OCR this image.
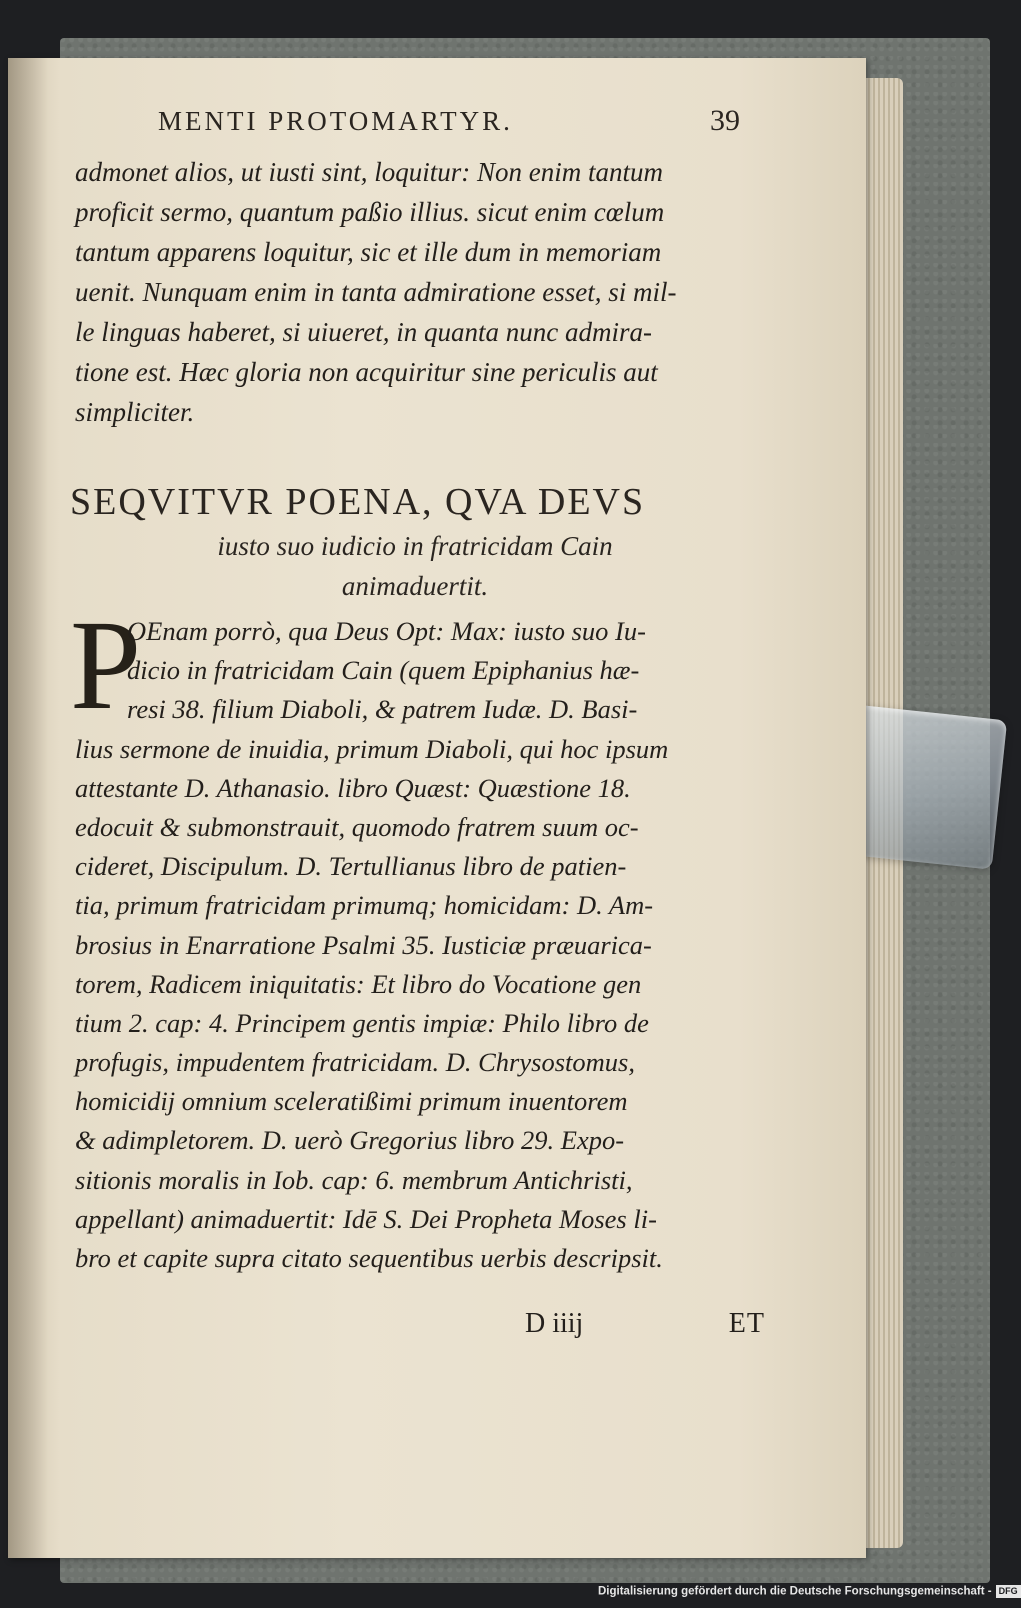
MENTI PROTOMARTYR.	39
admonet alios, ut iusti sint, loquitur: Non enim tantum
proficit sermo, quantum paßio illius. sicut enim cœlum
tantum apparens loquitur, sic et ille dum in memoriam
uenit. Nunquam enim in tanta admiratione esset, si mil-
le linguas haberet, si uiueret, in quanta nunc admira-
tione est. Hæc gloria non acquiritur sine periculis aut
simpliciter.
SEQVITVR POENA, QVA DEVS
iusto suo iudicio in fratricidam Cain
animaduertit.
P
OEnam porrò, qua Deus Opt: Max: iusto suo Iu-
dicio in fratricidam Cain (quem Epiphanius hæ-
resi 38. filium Diaboli, & patrem Iudæ. D. Basi-
lius sermone de inuidia, primum Diaboli, qui hoc ipsum
attestante D. Athanasio. libro Quæst: Quæstione 18.
edocuit & submonstrauit, quomodo fratrem suum oc-
cideret, Discipulum. D. Tertullianus libro de patien-
tia, primum fratricidam primumq; homicidam: D. Am-
brosius in Enarratione Psalmi 35. Iusticiæ præuarica-
torem, Radicem iniquitatis: Et libro do Vocatione gen
tium 2. cap: 4. Principem gentis impiæ: Philo libro de
profugis, impudentem fratricidam. D. Chrysostomus,
homicidij omnium sceleratißimi primum inuentorem
& adimpletorem. D. uerò Gregorius libro 29. Expo-
sitionis moralis in Iob. cap: 6. membrum Antichristi,
appellant) animaduertit: Idē S. Dei Propheta Moses li-
bro et capite supra citato sequentibus uerbis descripsit.
D iiij	ET
Digitalisierung gefördert durch die Deutsche Forschungsgemeinschaft - DFG
